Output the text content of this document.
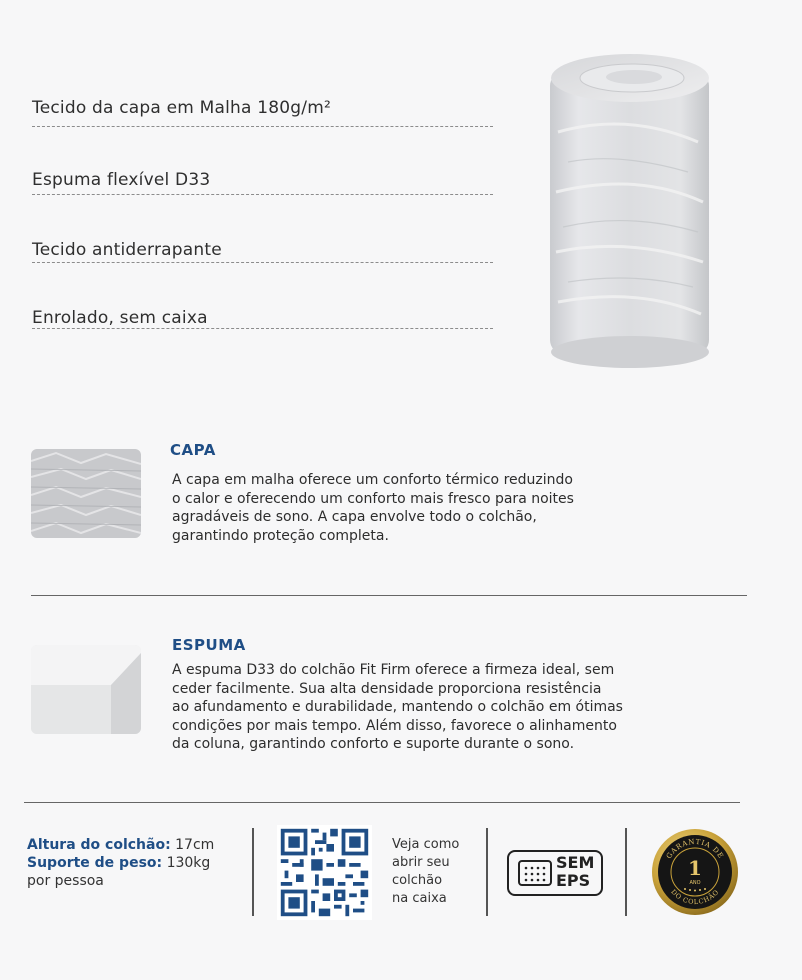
Tecido da capa em Malha 180g/m²
Espuma flexível D33
Tecido antiderrapante
Enrolado, sem caixa
CAPA
A capa em malha oferece um conforto térmico reduzindo
o calor e oferecendo um conforto mais fresco para noites
agradáveis de sono. A capa envolve todo o colchão,
garantindo proteção completa.
ESPUMA
A espuma D33 do colchão Fit Firm oferece a firmeza ideal, sem
ceder facilmente. Sua alta densidade proporciona resistência
ao afundamento e durabilidade, mantendo o colchão em ótimas
condições por mais tempo. Além disso, favorece o alinhamento
da coluna, garantindo conforto e suporte durante o sono.
Altura do colchão: 17cm
Suporte de peso: 130kg
por pessoa
Veja como
abrir seu
colchão
na caixa
SEM
EPS
GARANTIA DE
DO COLCHÃO
1
ANO
